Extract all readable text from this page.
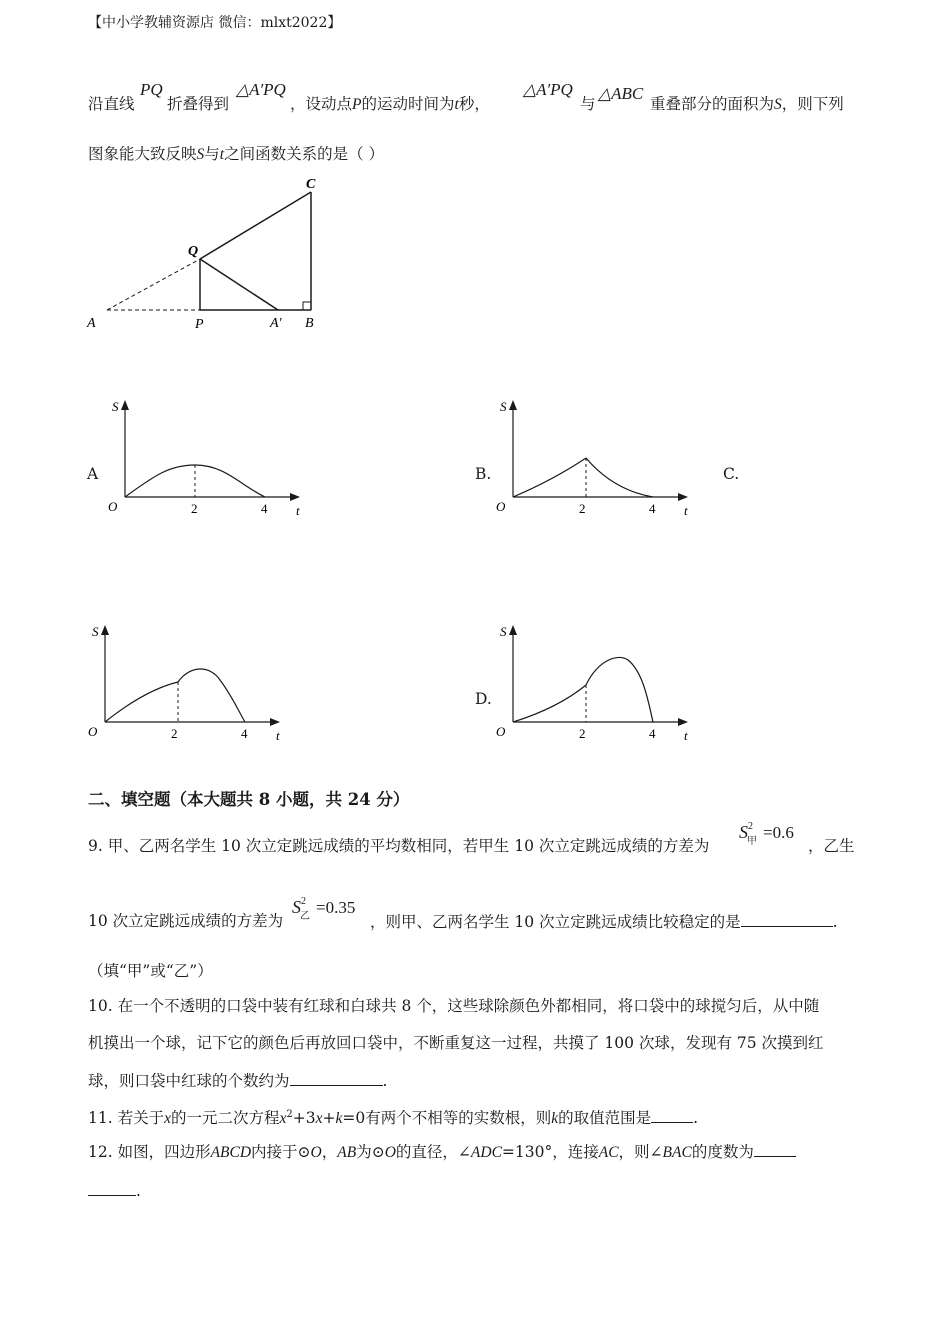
【中小学教辅资源店 微信：mlxt2022】
沿直线
PQ
折叠得到
△A′PQ
，设动点P的运动时间为t秒，
△A′PQ
与
△ABC
重叠部分的面积为S，则下列
图象能大致反映S与t之间函数关系的是（ ）
A	P	A′ B
Q
C
A
S
O	2	4 t
B.
S
O	2	4 t
C.
S
O	2	4 t
D.
S
O	2	4 t
二、填空题（本大题共 8 小题，共 24 分）
9. 甲、乙两名学生 10 次立定跳远成绩的平均数相同，若甲生 10 次立定跳远成绩的方差为
$S^2_甲 =0.6$
，乙生
10 次立定跳远成绩的方差为
$S^2_乙 =0.35$
，则甲、乙两名学生 10 次立定跳远成绩比较稳定的是	.
（填“甲”或“乙”）
10. 在一个不透明的口袋中装有红球和白球共 8 个，这些球除颜色外都相同，将口袋中的球搅匀后，从中随
机摸出一个球，记下它的颜色后再放回口袋中，不断重复这一过程，共摸了 100 次球，发现有 75 次摸到红
球，则口袋中红球的个数约为	.
11. 若关于x的一元二次方程$x^2+3x+k=0$有两个不相等的实数根，则k的取值范围是	.
12. 如图，四边形ABCD内接于⊙O，AB为⊙O的直径，∠ADC=130°，连接AC，则∠BAC的度数为
.
